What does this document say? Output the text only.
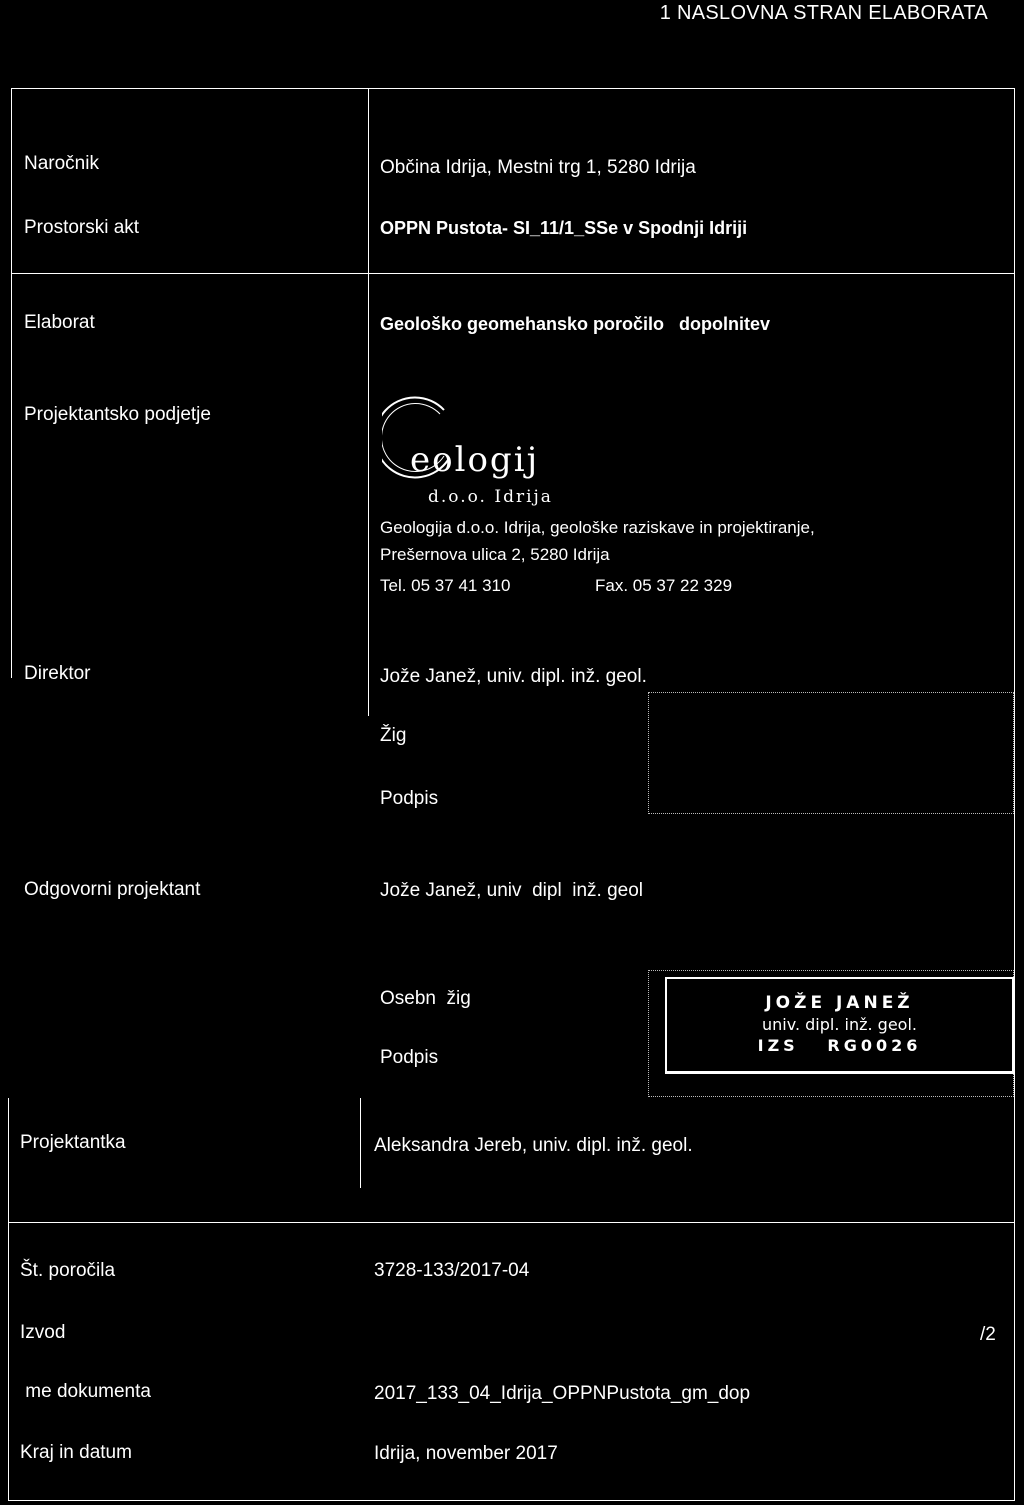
1 NASLOVNA STRAN ELABORATA
Naročnik	Občina Idrija, Mestni trg 1, 5280 Idrija
Prostorski akt	OPPN Pustota- SI_11/1_SSe v Spodnji Idriji
Elaborat	Geološko geomehansko poročilo   dopolnitev
Projektantsko podjetje
eologij
d.o.o. Idrija
Geologija d.o.o. Idrija, geološke raziskave in projektiranje,
Prešernova ulica 2, 5280 Idrija
Tel. 05 37 41 310	Fax. 05 37 22 329
Direktor	Jože Janež, univ. dipl. inž. geol.
Žig
Podpis
Odgovorni projektant	Jože Janež, univ  dipl  inž. geol
Osebn  žig
Podpis
JOŽE JANEŽ
univ. dipl. inž. geol.
IZS   RG0026
Projektantka	Aleksandra Jereb, univ. dipl. inž. geol.
Št. poročila	3728-133/2017-04
Izvod	/2
me dokumenta	2017_133_04_Idrija_OPPNPustota_gm_dop
Kraj in datum	Idrija, november 2017
